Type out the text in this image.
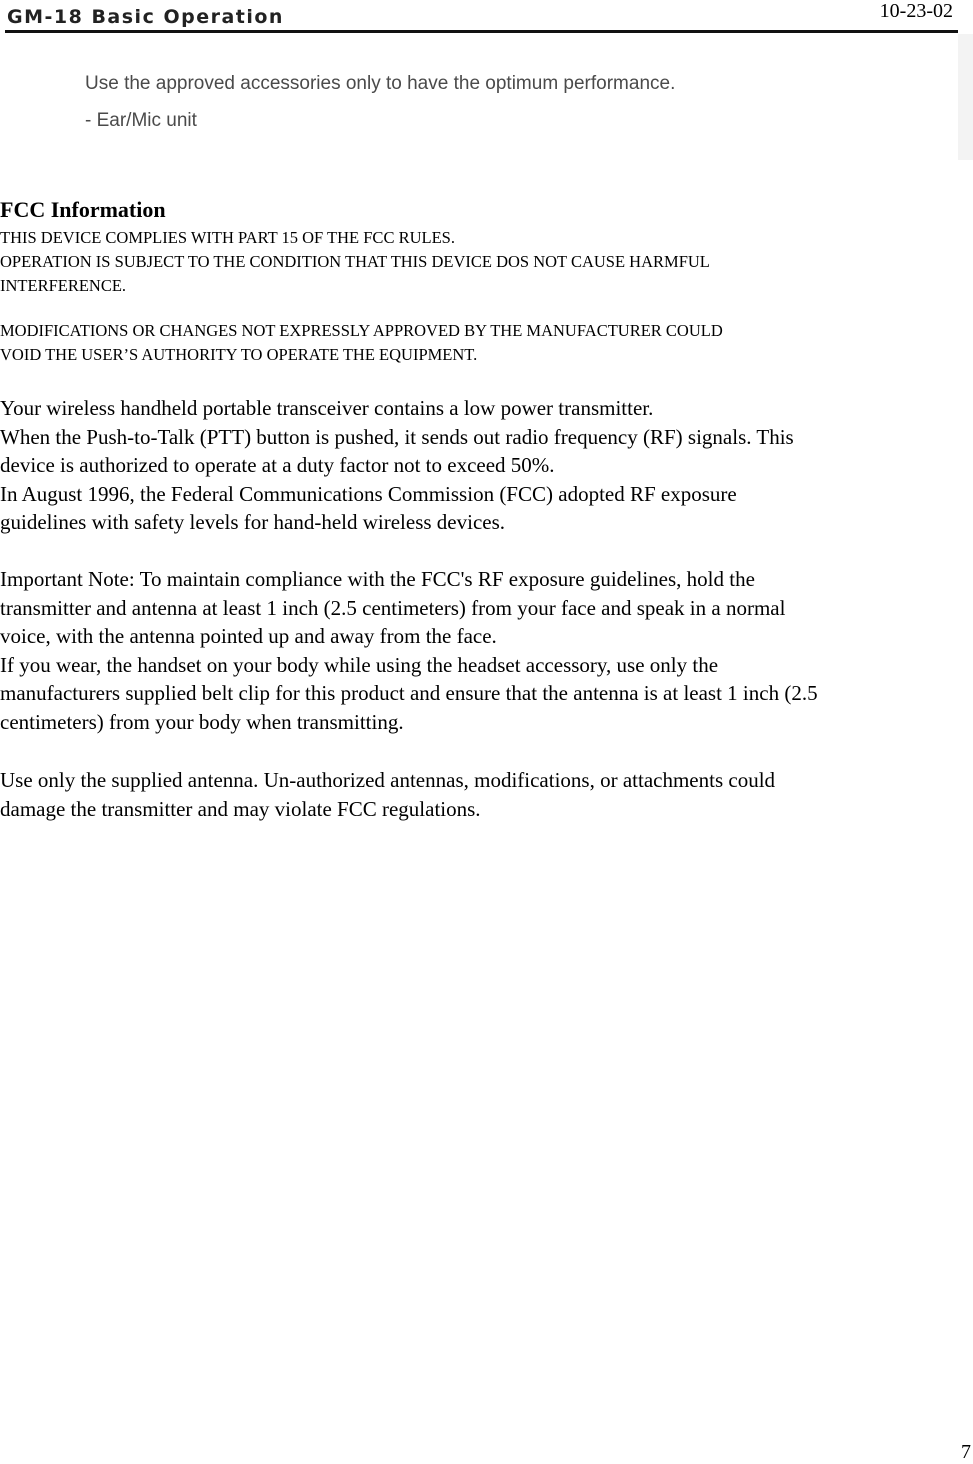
GM-18 Basic Operation	10-23-02
Use the approved accessories only to have the optimum performance.
- Ear/Mic unit
FCC Information
THIS DEVICE COMPLIES WITH PART 15 OF THE FCC RULES.
OPERATION IS SUBJECT TO THE CONDITION THAT THIS DEVICE DOS NOT CAUSE HARMFUL
INTERFERENCE.
MODIFICATIONS OR CHANGES NOT EXPRESSLY APPROVED BY THE MANUFACTURER COULD
VOID THE USER’S AUTHORITY TO OPERATE THE EQUIPMENT.
Your wireless handheld portable transceiver contains a low power transmitter.
When the Push-to-Talk (PTT) button is pushed, it sends out radio frequency (RF) signals. This
device is authorized to operate at a duty factor not to exceed 50%.
In August 1996, the Federal Communications Commission (FCC) adopted RF exposure
guidelines with safety levels for hand-held wireless devices.
Important Note: To maintain compliance with the FCC's RF exposure guidelines, hold the
transmitter and antenna at least 1 inch (2.5 centimeters) from your face and speak in a normal
voice, with the antenna pointed up and away from the face.
If you wear, the handset on your body while using the headset accessory, use only the
manufacturers supplied belt clip for this product and ensure that the antenna is at least 1 inch (2.5
centimeters) from your body when transmitting.
Use only the supplied antenna. Un-authorized antennas, modifications, or attachments could
damage the transmitter and may violate FCC regulations.
7
